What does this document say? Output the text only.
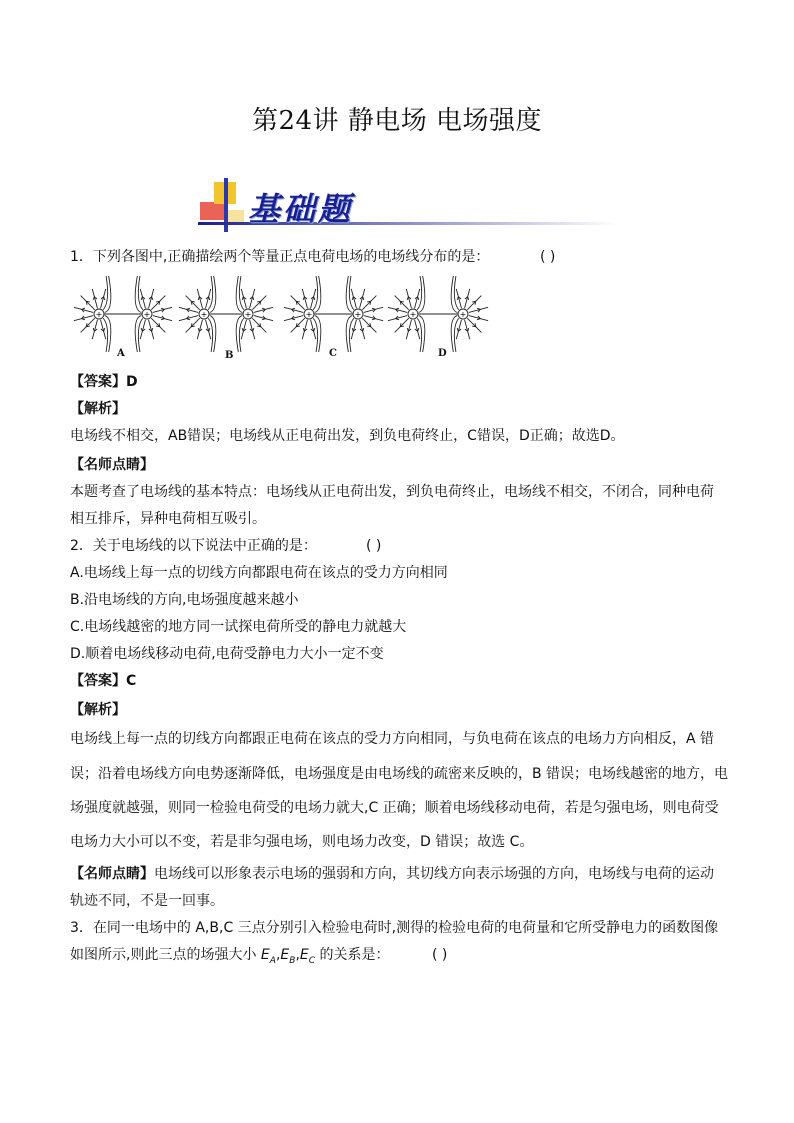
第24讲 静电场 电场强度
基础题
1．下列各图中,正确描绘两个等量正点电荷电场的电场线分布的是：	( )
+	+	+	+	+	+	+	+
A	B	C	D
【答案】D
【解析】
电场线不相交，AB错误；电场线从正电荷出发，到负电荷终止，C错误，D正确；故选D。
【名师点睛】
本题考查了电场线的基本特点：电场线从正电荷出发，到负电荷终止，电场线不相交，不闭合，同种电荷
相互排斥，异种电荷相互吸引。
2．关于电场线的以下说法中正确的是：	( )
A.电场线上每一点的切线方向都跟电荷在该点的受力方向相同
B.沿电场线的方向,电场强度越来越小
C.电场线越密的地方同一试探电荷所受的静电力就越大
D.顺着电场线移动电荷,电荷受静电力大小一定不变
【答案】C
【解析】
电场线上每一点的切线方向都跟正电荷在该点的受力方向相同，与负电荷在该点的电场力方向相反，A 错
误；沿着电场线方向电势逐渐降低，电场强度是由电场线的疏密来反映的，B 错误；电场线越密的地方，电
场强度就越强，则同一检验电荷受的电场力就大,C 正确；顺着电场线移动电荷，若是匀强电场，则电荷受
电场力大小可以不变，若是非匀强电场，则电场力改变，D 错误；故选 C。
【名师点睛】电场线可以形象表示电场的强弱和方向，其切线方向表示场强的方向，电场线与电荷的运动
轨迹不同，不是一回事。
3．在同一电场中的 A,B,C 三点分别引入检验电荷时,测得的检验电荷的电荷量和它所受静电力的函数图像
如图所示,则此三点的场强大小 $E_A,E_B,E_C$ 的关系是：	( )
